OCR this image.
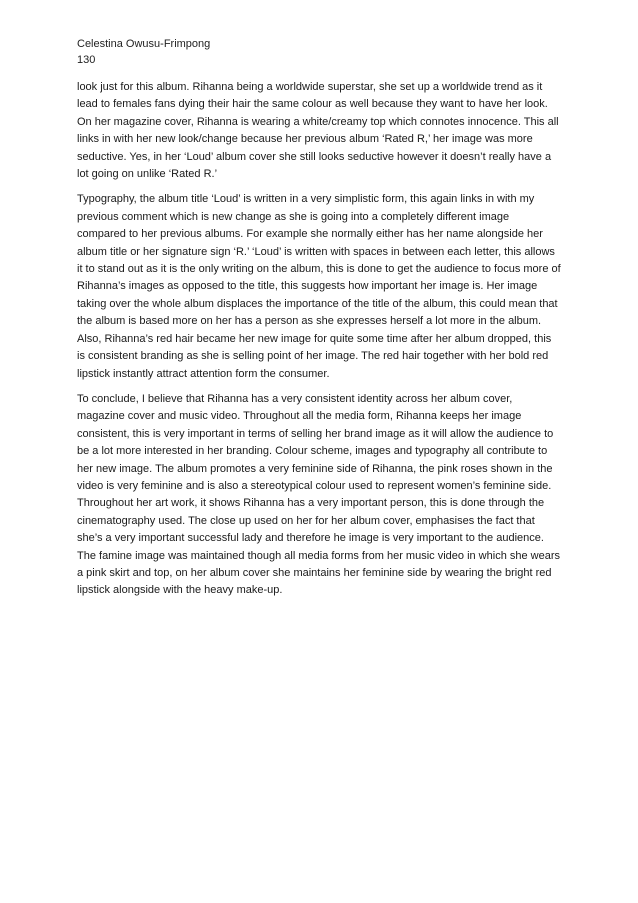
Celestina Owusu-Frimpong
130

look just for this album. Rihanna being a worldwide superstar, she set up a worldwide trend as it lead to females fans dying their hair the same colour as well because they want to have her look. On her magazine cover, Rihanna is wearing a white/creamy top which connotes innocence. This all links in with her new look/change because her previous album ‘Rated R,’ her image was more seductive. Yes, in her ‘Loud’ album cover she still looks seductive however it doesn’t really have a lot going on unlike ‘Rated R.’

Typography, the album title ‘Loud’ is written in a very simplistic form, this again links in with my previous comment which is new change as she is going into a completely different image compared to her previous albums. For example she normally either has her name alongside her album title or her signature sign ‘R.’ ‘Loud’ is written with spaces in between each letter, this allows it to stand out as it is the only writing on the album, this is done to get the audience to focus more of Rihanna’s images as opposed to the title, this suggests how important her image is. Her image taking over the whole album displaces the importance of the title of the album, this could mean that the album is based more on her has a person as she expresses herself a lot more in the album. Also, Rihanna’s red hair became her new image for quite some time after her album dropped, this is consistent branding as she is selling point of her image. The red hair together with her bold red lipstick instantly attract attention form the consumer.

To conclude, I believe that Rihanna has a very consistent identity across her album cover, magazine cover and music video. Throughout all the media form, Rihanna keeps her image consistent, this is very important in terms of selling her brand image as it will allow the audience to be a lot more interested in her branding. Colour scheme, images and typography all contribute to her new image. The album promotes a very feminine side of Rihanna, the pink roses shown in the video is very feminine and is also a stereotypical colour used to represent women’s feminine side. Throughout her art work, it shows Rihanna has a very important person, this is done through the cinematography used. The close up used on her for her album cover, emphasises the fact that she’s a very important successful lady and therefore he image is very important to the audience. The famine image was maintained though all media forms from her music video in which she wears a pink skirt and top, on her album cover she maintains her feminine side by wearing the bright red lipstick alongside with the heavy make-up.
